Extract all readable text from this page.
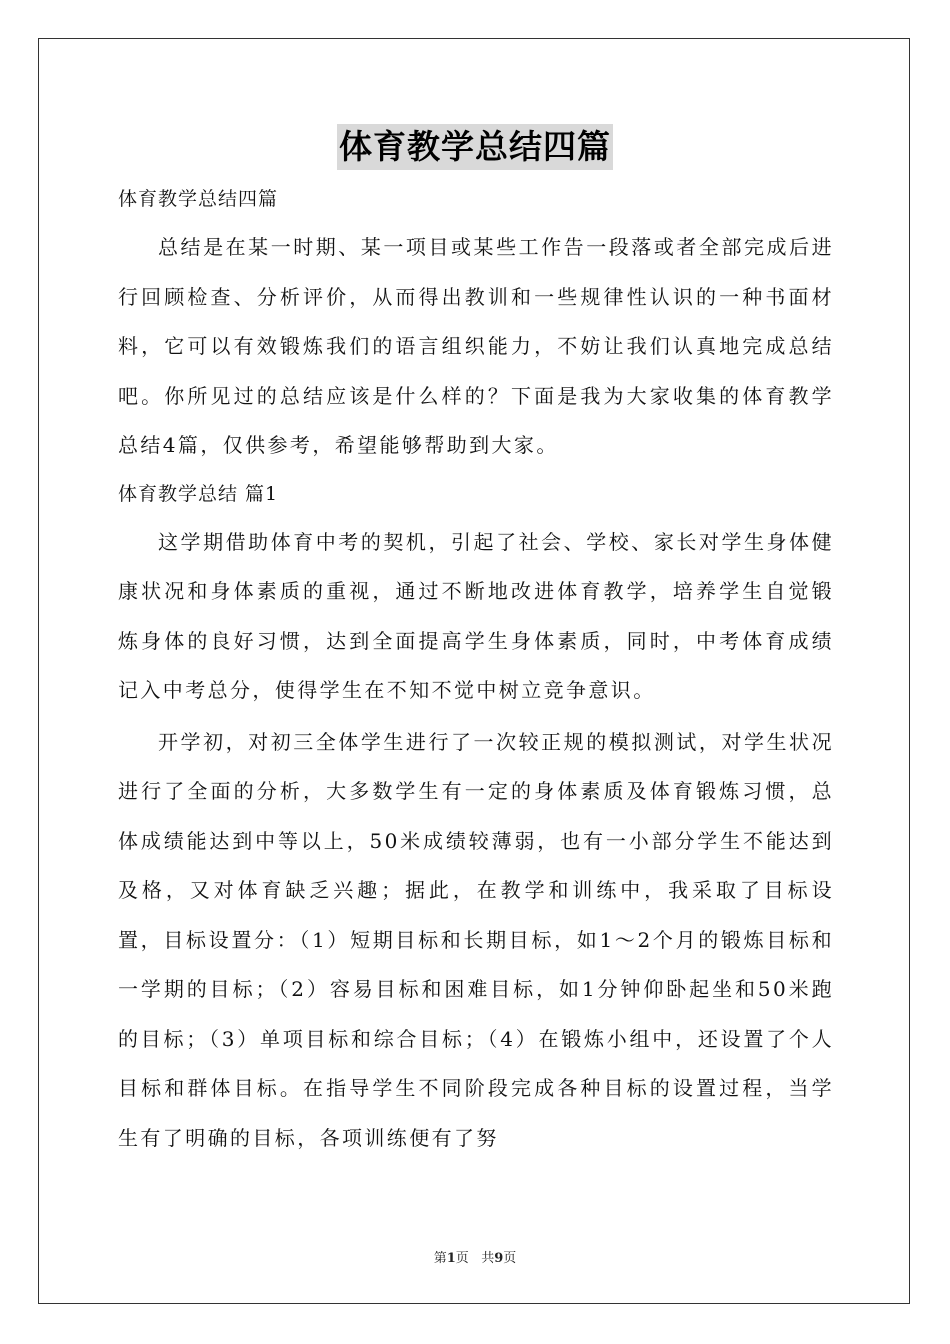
体育教学总结四篇

体育教学总结四篇

总结是在某一时期、某一项目或某些工作告一段落或者全部完成后进行回顾检查、分析评价，从而得出教训和一些规律性认识的一种书面材料，它可以有效锻炼我们的语言组织能力，不妨让我们认真地完成总结吧。你所见过的总结应该是什么样的？下面是我为大家收集的体育教学总结4篇，仅供参考，希望能够帮助到大家。

体育教学总结 篇1

这学期借助体育中考的契机，引起了社会、学校、家长对学生身体健康状况和身体素质的重视，通过不断地改进体育教学，培养学生自觉锻炼身体的良好习惯，达到全面提高学生身体素质，同时，中考体育成绩记入中考总分，使得学生在不知不觉中树立竞争意识。

开学初，对初三全体学生进行了一次较正规的模拟测试，对学生状况进行了全面的分析，大多数学生有一定的身体素质及体育锻炼习惯，总体成绩能达到中等以上，50米成绩较薄弱，也有一小部分学生不能达到及格，又对体育缺乏兴趣；据此，在教学和训练中，我采取了目标设置，目标设置分：（1）短期目标和长期目标，如1～2个月的锻炼目标和一学期的目标；（2）容易目标和困难目标，如1分钟仰卧起坐和50米跑的目标；（3）单项目标和综合目标；（4）在锻炼小组中，还设置了个人目标和群体目标。在指导学生不同阶段完成各种目标的设置过程，当学生有了明确的目标，各项训练便有了努

第1页 共9页
